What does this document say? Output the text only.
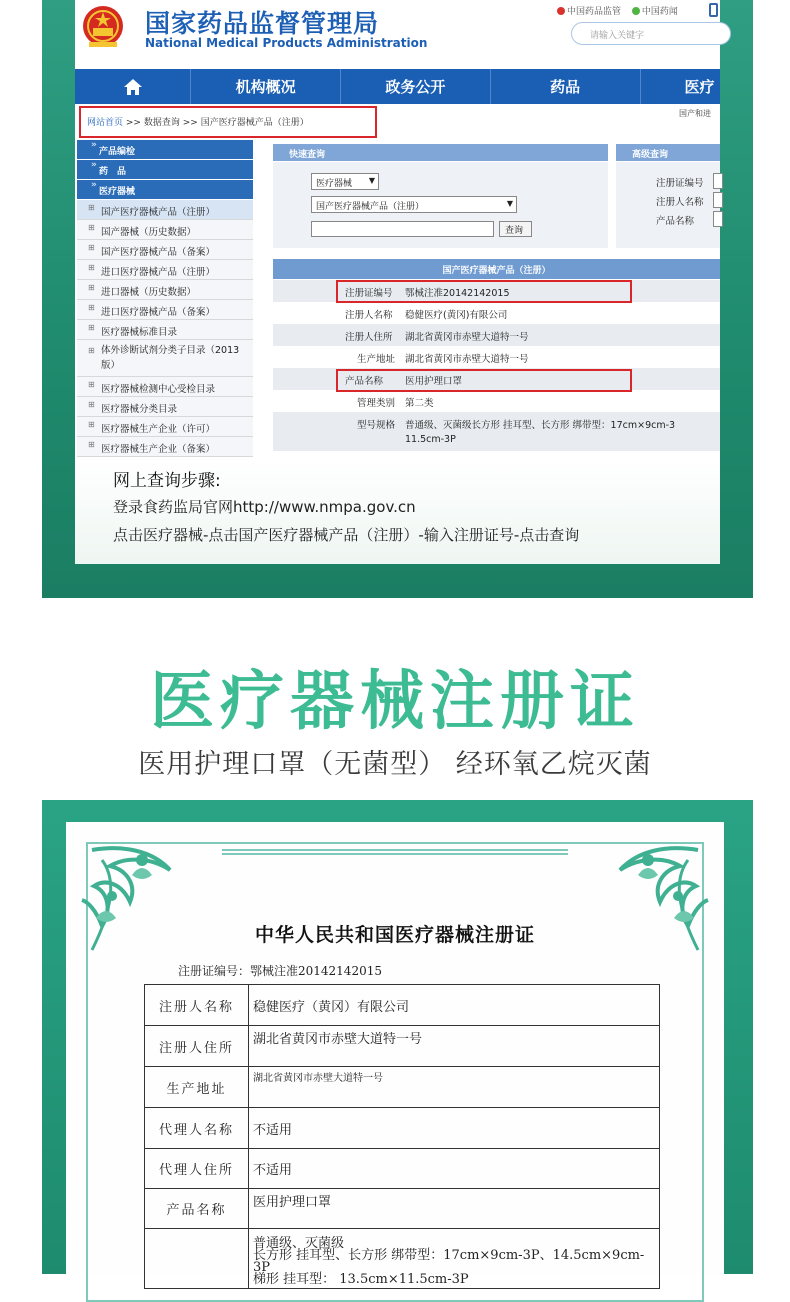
国家药品监督管理局
National Medical Products Administration
中国药品监管 中国药闻
请输入关键字
机构概况	政务公开	药品	医疗
网站首页 >> 数据查询 >> 国产医疗器械产品（注册）
国产和进
» 产品编检
» 药　品
» 医疗器械
⊞ 国产医疗器械产品（注册）
⊞ 国产器械（历史数据）
⊞ 国产医疗器械产品（备案）
⊞ 进口医疗器械产品（注册）
⊞ 进口器械（历史数据）
⊞ 进口医疗器械产品（备案）
⊞ 医疗器械标准目录
⊞ 体外诊断试剂分类子目录（2013版）
⊞ 医疗器械检测中心受检目录
⊞ 医疗器械分类目录
⊞ 医疗器械生产企业（许可）
⊞ 医疗器械生产企业（备案）
快速查询
医疗器械 ▼
国产医疗器械产品（注册）	▼
查询
高级查询
注册证编号
注册人名称
产品名称
国产医疗器械产品（注册）
注册证编号 鄂械注准20142142015
注册人名称 稳健医疗(黄冈)有限公司
注册人住所 湖北省黄冈市赤壁大道特一号
生产地址 湖北省黄冈市赤壁大道特一号
产品名称 医用护理口罩
管理类别 第二类
型号规格 普通级、灭菌级长方形 挂耳型、长方形 绑带型：17cm×9cm-3
11.5cm-3P
网上查询步骤:
登录食药监局官网http://www.nmpa.gov.cn
点击医疗器械-点击国产医疗器械产品（注册）-输入注册证号-点击查询
医疗器械注册证
医用护理口罩（无菌型） 经环氧乙烷灭菌
中华人民共和国医疗器械注册证
注册证编号：鄂械注准20142142015
注册人名称	稳健医疗（黄冈）有限公司
注册人住所	湖北省黄冈市赤壁大道特一号
生产地址	湖北省黄冈市赤壁大道特一号
代理人名称	不适用
代理人住所	不适用
产品名称	医用护理口罩

	普通级、灭菌级
长方形 挂耳型、长方形 绑带型：17cm×9cm-3P、14.5cm×9cm-3P
梯形 挂耳型： 13.5cm×11.5cm-3P
